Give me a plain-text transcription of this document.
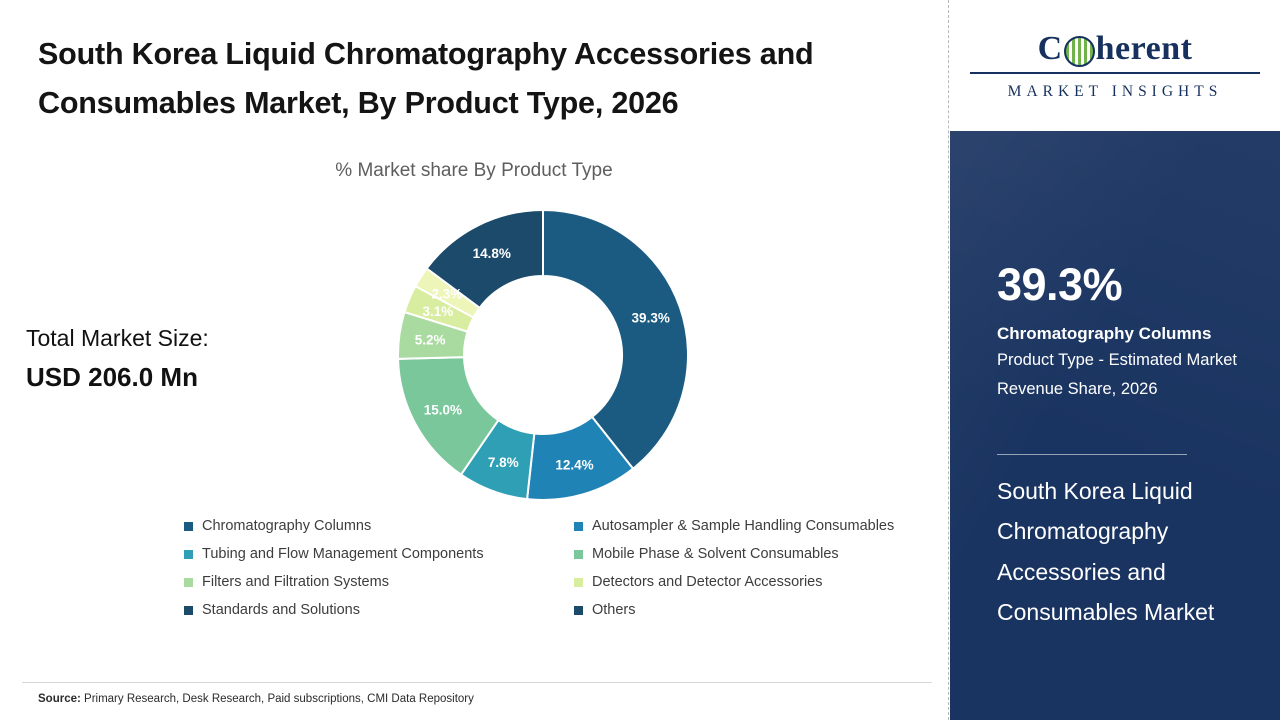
South Korea Liquid Chromatography Accessories and Consumables Market, By Product Type, 2026
% Market share By Product Type
Total Market Size:
USD 206.0 Mn
39.3%
12.4%
7.8%
15.0%
5.2%
3.1%
2.3%
14.8%
Chromatography Columns	Autosampler & Sample Handling Consumables
Tubing and Flow Management Components	Mobile Phase & Solvent Consumables
Filters and Filtration Systems	Detectors and Detector Accessories
Standards and Solutions	Others
Source: Primary Research, Desk Research, Paid subscriptions, CMI Data Repository
C herent
MARKET INSIGHTS
39.3%
Chromatography Columns
Product Type - Estimated Market Revenue Share, 2026
South Korea Liquid Chromatography Accessories and Consumables Market
